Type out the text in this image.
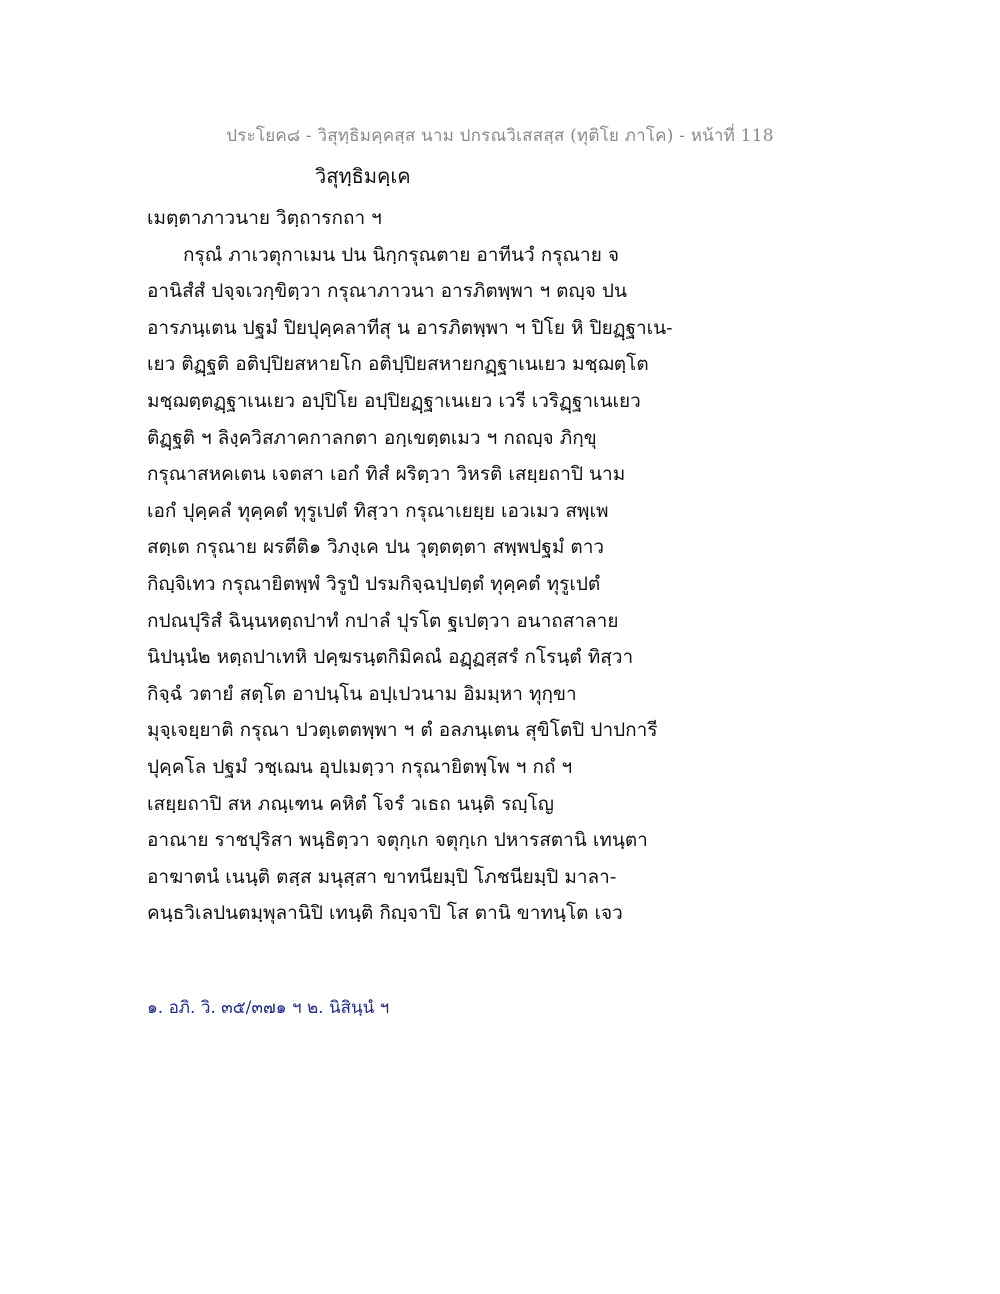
ประโยค๘ - วิสุทฺธิมคฺคสฺส นาม ปกรณวิเสสสฺส (ทุติโย ภาโค) - หน้าที่ 118
วิสุทฺธิมคฺเค
เมตฺตาภาวนาย วิตฺถารกถา ฯ
กรุณํ ภาเวตุกาเมน ปน นิกฺกรุณตาย อาทีนวํ กรุณาย จ
อานิสํสํ ปจฺจเวกฺขิตฺวา กรุณาภาวนา อารภิตพฺพา ฯ ตญฺจ ปน
อารภนฺเตน ปฐมํ ปิยปุคฺคลาทีสุ น อารภิตพฺพา ฯ ปิโย หิ ปิยฏฺฐาเน-
เยว ติฏฺฐติ อติปฺปิยสหายโก อติปฺปิยสหายกฏฺฐาเนเยว มชฺฌตฺโต
มชฺฌตฺตฏฺฐาเนเยว อปฺปิโย อปฺปิยฏฺฐาเนเยว เวรี เวริฏฺฐาเนเยว
ติฏฺฐติ ฯ ลิงฺควิสภาคกาลกตา อกฺเขตฺตเมว ฯ กถญฺจ ภิกฺขุ
กรุณาสหคเตน เจตสา เอกํ ทิสํ ผริตฺวา วิหรติ เสยฺยถาปิ นาม
เอกํ ปุคฺคลํ ทุคฺคตํ ทุรูเปตํ ทิสฺวา กรุณาเยยฺย เอวเมว สพฺเพ
สตฺเต กรุณาย ผรตีติ๑ วิภงฺเค ปน วุตฺตตฺตา สพฺพปฐมํ ตาว
กิญฺจิเทว กรุณายิตพฺพํ วิรูปํ ปรมกิจฺฉปฺปตฺตํ ทุคฺคตํ ทุรูเปตํ
กปณปุริสํ ฉินฺนหตฺถปาทํ กปาลํ ปุรโต ฐเปตฺวา อนาถสาลาย
นิปนฺนํ๒ หตฺถปาเทหิ ปคฺฆรนฺตกิมิคณํ อฏฺฏสฺสรํ กโรนฺตํ ทิสฺวา
กิจฺฉํ วตายํ สตฺโต อาปนฺโน อปฺเปวนาม อิมมฺหา ทุกฺขา
มุจฺเจยฺยาติ กรุณา ปวตฺเตตพฺพา ฯ ตํ อลภนฺเตน สุขิโตปิ ปาปการี
ปุคฺคโล ปฐมํ วชฺเฌน อุปเมตฺวา กรุณายิตพฺโพ ฯ กถํ ฯ
เสยฺยถาปิ สห ภณฺเฑน คหิตํ โจรํ วเธถ นนฺติ รญฺโญ
อาณาย ราชปุริสา พนฺธิตฺวา จตุกฺเก จตุกฺเก ปหารสตานิ เทนฺตา
อาฆาตนํ เนนฺติ ตสฺส มนุสฺสา ขาทนียมฺปิ โภชนียมฺปิ มาลา-
คนฺธวิเลปนตมฺพุลานิปิ เทนฺติ กิญฺจาปิ โส ตานิ ขาทนฺโต เจว
๑. อภิ. วิ. ๓๕/๓๗๑ ฯ ๒. นิสินฺนํ ฯ
